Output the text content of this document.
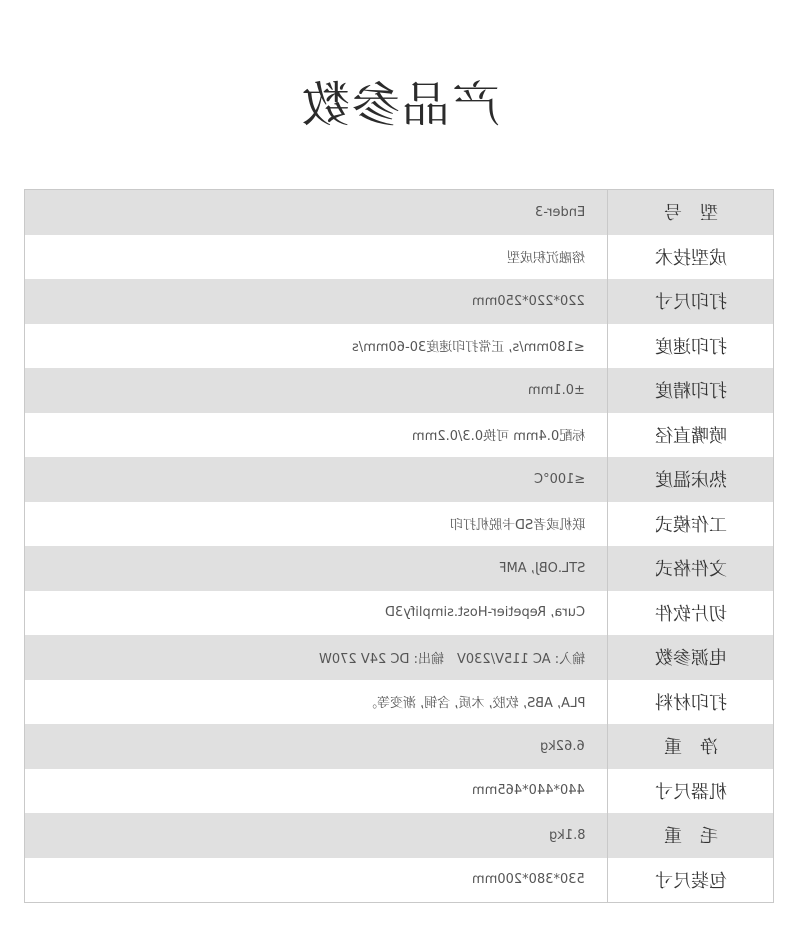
产品参数
Ender-3	型　号
熔融沉积成型	成型技术
220*220*250mm	打印尺寸
≤180mm/s, 正常打印速度30-60mm/s	打印速度
±0.1mm	打印精度
标配0.4mm 可换0.3/0.2mm	喷嘴直径
≤100°C	热床温度
联机或者SD卡脱机打印	工作模式
STL.OBJ, AMF	文件格式
Cura, Repetier-Host.simplify3D	切片软件
输入: AC 115V/230V　输出: DC 24V 270W	电源参数
PLA, ABS, 软胶, 木质, 含铜, 渐变等。	打印材料
6.62kg	净　重
440*440*465mm	机器尺寸
8.1kg	毛　重
530*380*200mm	包装尺寸
